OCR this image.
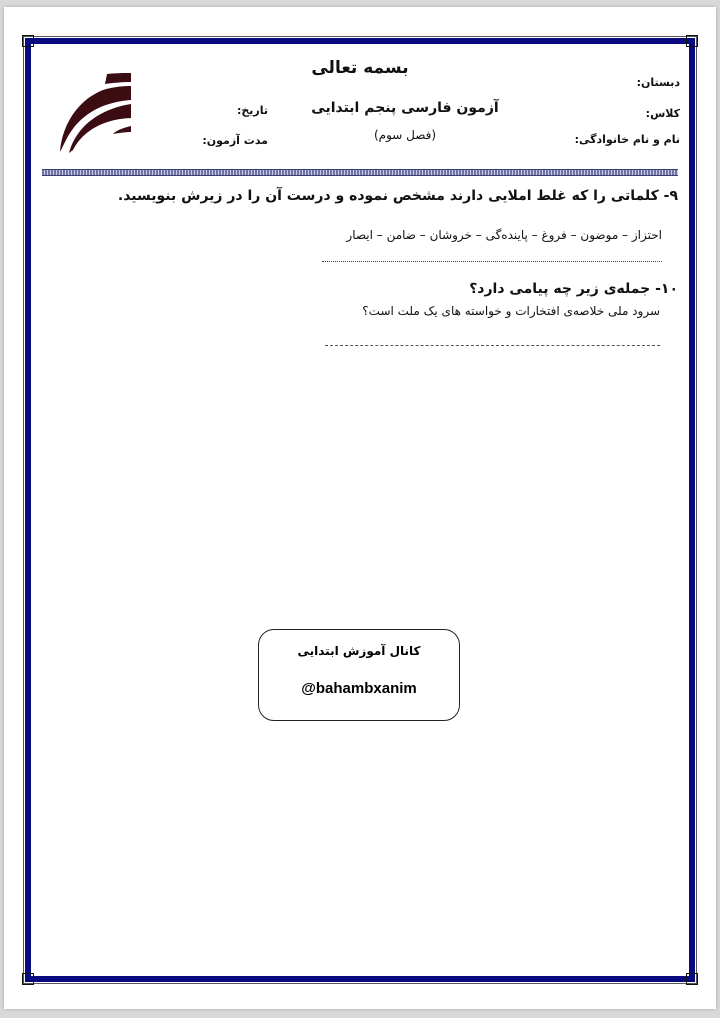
بسمه تعالی
دبستان:
کلاس:
نام و نام خانوادگی:
آزمون فارسی پنجم ابتدایی
(فصل سوم)
تاریخ:
مدت آزمون:
۹- کلماتی را که غلط املایی دارند مشخص نموده و درست آن را در زیرش بنویسید.
احتزاز – موضون – فروغ – پاینده‌گی – خروشان – ضامن – ایصار
۱۰- جمله‌ی زیر چه پیامی دارد؟
سرود ملی خلاصه‌ی افتخارات و خواسته های یک ملت است؟
کانال آموزش ابتدایی
@bahambxanim
